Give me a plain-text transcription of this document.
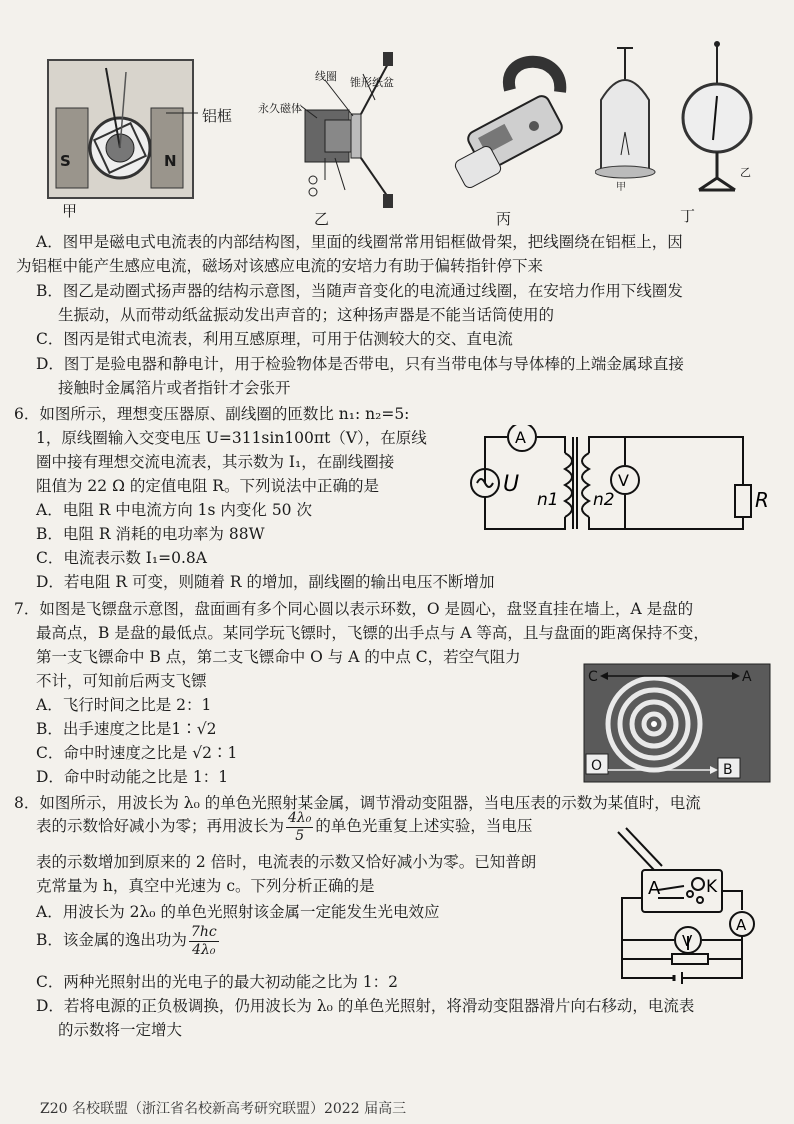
铝框
S	N
甲
线圈 锥形纸盆
永久磁体
乙	丙
甲
乙
丁
A．图甲是磁电式电流表的内部结构图，里面的线圈常常用铝框做骨架，把线圈绕在铝框上，因
为铝框中能产生感应电流，磁场对该感应电流的安培力有助于偏转指针停下来
B．图乙是动圈式扬声器的结构示意图，当随声音变化的电流通过线圈，在安培力作用下线圈发
生振动，从而带动纸盆振动发出声音的；这种扬声器是不能当话筒使用的
C．图丙是钳式电流表，利用互感原理，可用于估测较大的交、直电流
D．图丁是验电器和静电计，用于检验物体是否带电，只有当带电体与导体棒的上端金属球直接
接触时金属箔片或者指针才会张开
6．如图所示，理想变压器原、副线圈的匝数比 n₁: n₂=5:
1，原线圈输入交变电压 U=311sin100πt（V），在原线
圈中接有理想交流电流表，其示数为 I₁，在副线圈接
阻值为 22 Ω 的定值电阻 R。下列说法中正确的是
A．电阻 R 中电流方向 1s 内变化 50 次
B．电阻 R 消耗的电功率为 88W
C．电流表示数 I₁=0.8A
D．若电阻 R 可变，则随着 R 的增加，副线圈的输出电压不断增加
A
V
U
n1 n2	R
7．如图是飞镖盘示意图，盘面画有多个同心圆以表示环数，O 是圆心，盘竖直挂在墙上，A 是盘的
最高点，B 是盘的最低点。某同学玩飞镖时，飞镖的出手点与 A 等高，且与盘面的距离保持不变，
第一支飞镖命中 B 点，第二支飞镖命中 O 与 A 的中点 C，若空气阻力
不计，可知前后两支飞镖
A．飞行时间之比是 2：1
B．出手速度之比是1∶√2
C．命中时速度之比是 √2∶1
D．命中时动能之比是 1：1
C	A
O	B
8．如图所示，用波长为 λ₀ 的单色光照射某金属，调节滑动变阻器，当电压表的示数为某值时，电流
表的示数恰好减小为零；再用波长为 $\frac{\text{4λ₀}}{5}$ 的单色光重复上述实验，当电压
表的示数增加到原来的 2 倍时，电流表的示数又恰好减小为零。已知普朗
克常量为 h，真空中光速为 c。下列分析正确的是
A．用波长为 2λ₀ 的单色光照射该金属一定能发生光电效应
B．该金属的逸出功为 $\frac{7hc}{\text{4λ₀}}$
C．两种光照射出的光电子的最大初动能之比为 1：2
D．若将电源的正负极调换，仍用波长为 λ₀ 的单色光照射，将滑动变阻器滑片向右移动，电流表
的示数将一定增大
A	K
A
V
Z20 名校联盟（浙江省名校新高考研究联盟）2022 届高三
